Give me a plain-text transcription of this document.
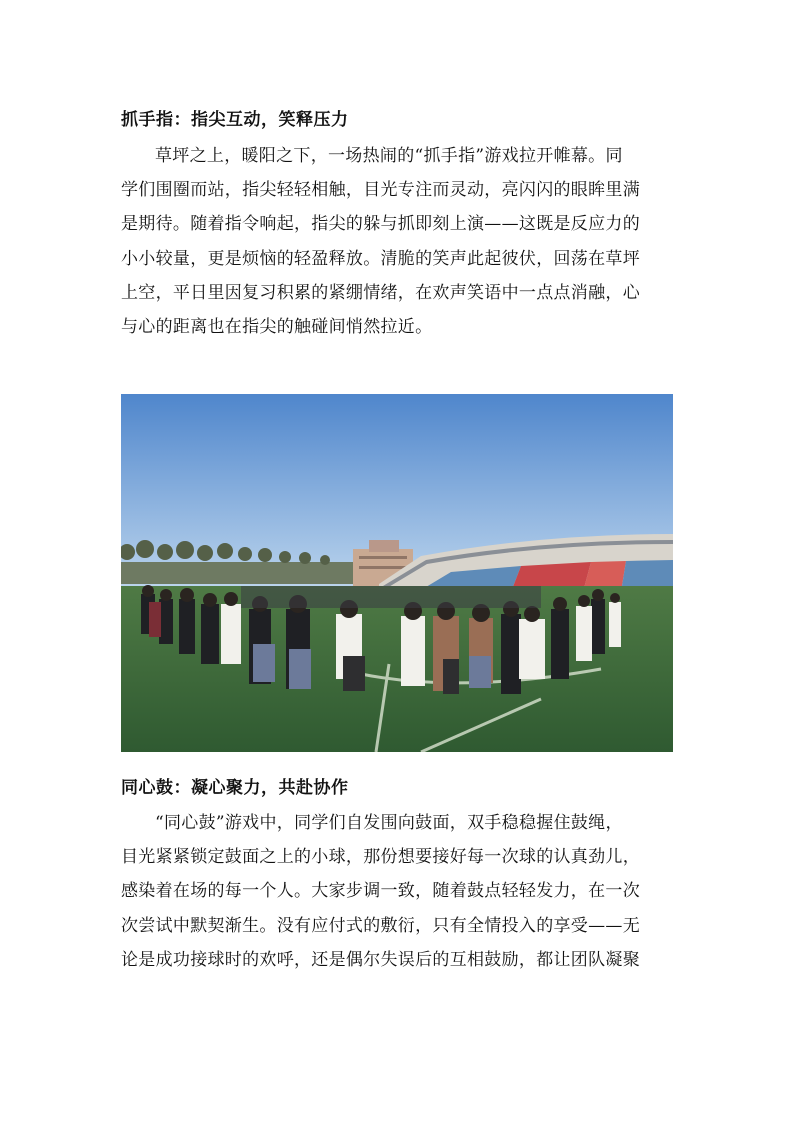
抓手指：指尖互动，笑释压力
草坪之上，暖阳之下，一场热闹的“抓手指”游戏拉开帷幕。同
学们围圈而站，指尖轻轻相触，目光专注而灵动，亮闪闪的眼眸里满
是期待。随着指令响起，指尖的躲与抓即刻上演——这既是反应力的
小小较量，更是烦恼的轻盈释放。清脆的笑声此起彼伏，回荡在草坪
上空，平日里因复习积累的紧绷情绪，在欢声笑语中一点点消融，心
与心的距离也在指尖的触碰间悄然拉近。
同心鼓：凝心聚力，共赴协作
“同心鼓”游戏中，同学们自发围向鼓面，双手稳稳握住鼓绳，
目光紧紧锁定鼓面之上的小球，那份想要接好每一次球的认真劲儿，
感染着在场的每一个人。大家步调一致，随着鼓点轻轻发力，在一次
次尝试中默契渐生。没有应付式的敷衍，只有全情投入的享受——无
论是成功接球时的欢呼，还是偶尔失误后的互相鼓励，都让团队凝聚
